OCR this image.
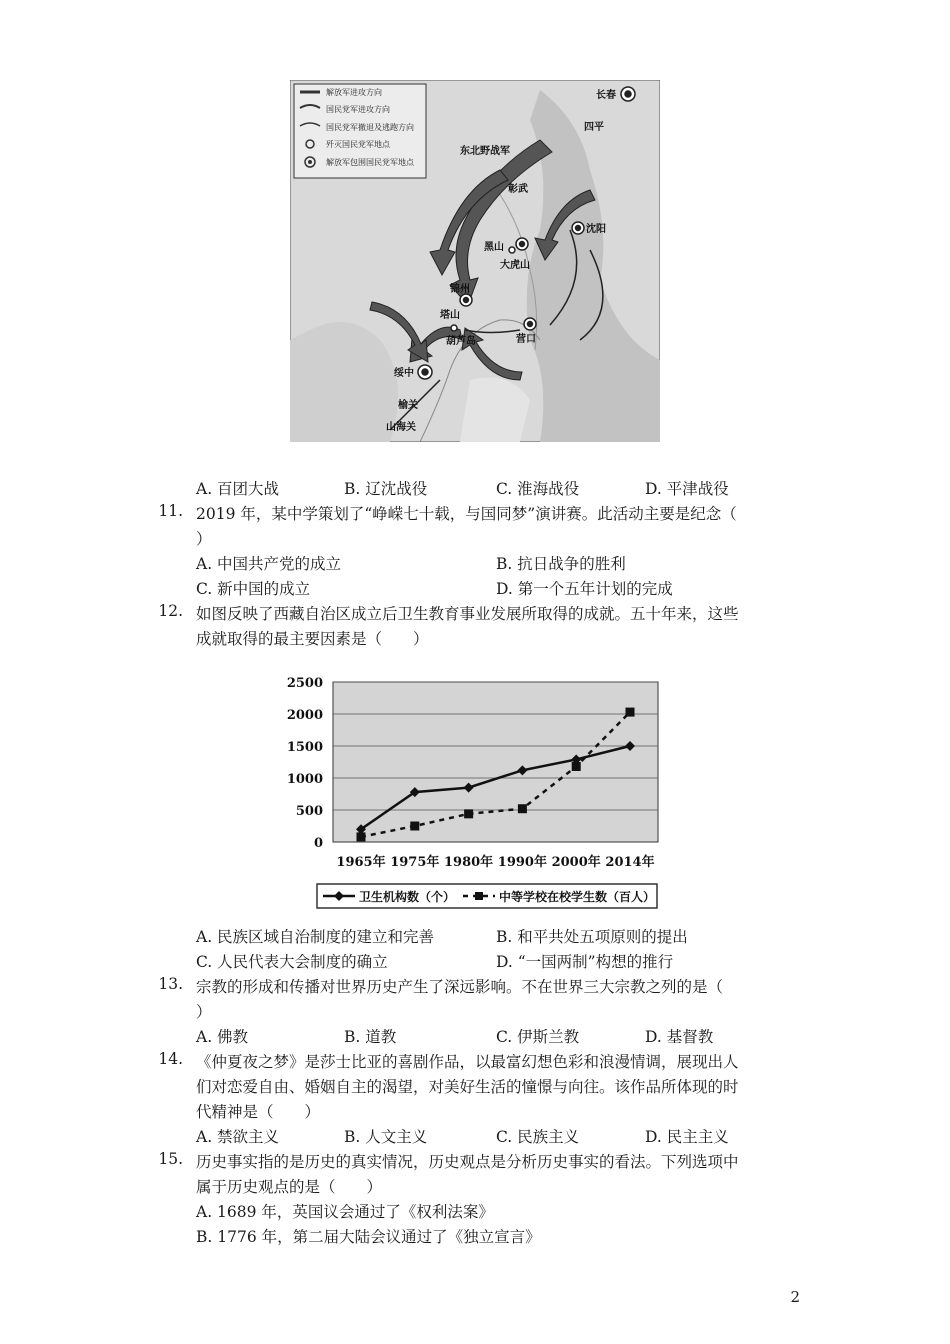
解放军进攻方向
国民党军进攻方向
国民党军撤退及逃跑方向
歼灭国民党军地点
解放军包围国民党军地点
长春
四平
东北野战军
彰武
黑山
大虎山
沈阳
锦州
塔山
葫芦岛	营口
绥中
山海关
榆关
A. 百团大战	B. 辽沈战役	C. 淮海战役	D. 平津战役
11. 2019 年，某中学策划了“峥嵘七十载，与国同梦”演讲赛。此活动主要是纪念（
）
A. 中国共产党的成立	B. 抗日战争的胜利
C. 新中国的成立	D. 第一个五年计划的完成
12. 如图反映了西藏自治区成立后卫生教育事业发展所取得的成就。五十年来，这些
成就取得的最主要因素是（　　）
0
500
1000
1500
2000
2500
1965年 1975年 1980年 1990年 2000年 2014年
卫生机构数（个）	中等学校在校学生数（百人）
A. 民族区域自治制度的建立和完善	B. 和平共处五项原则的提出
C. 人民代表大会制度的确立	D. “一国两制”构想的推行
13. 宗教的形成和传播对世界历史产生了深远影响。不在世界三大宗教之列的是（
）
A. 佛教	B. 道教	C. 伊斯兰教	D. 基督教
14. 《仲夏夜之梦》是莎士比亚的喜剧作品，以最富幻想色彩和浪漫情调，展现出人
们对恋爱自由、婚姻自主的渴望，对美好生活的憧憬与向往。该作品所体现的时
代精神是（　　）
A. 禁欲主义	B. 人文主义	C. 民族主义	D. 民主主义
15. 历史事实指的是历史的真实情况，历史观点是分析历史事实的看法。下列选项中
属于历史观点的是（　　）
A. 1689 年，英国议会通过了《权利法案》
B. 1776 年，第二届大陆会议通过了《独立宣言》
2
